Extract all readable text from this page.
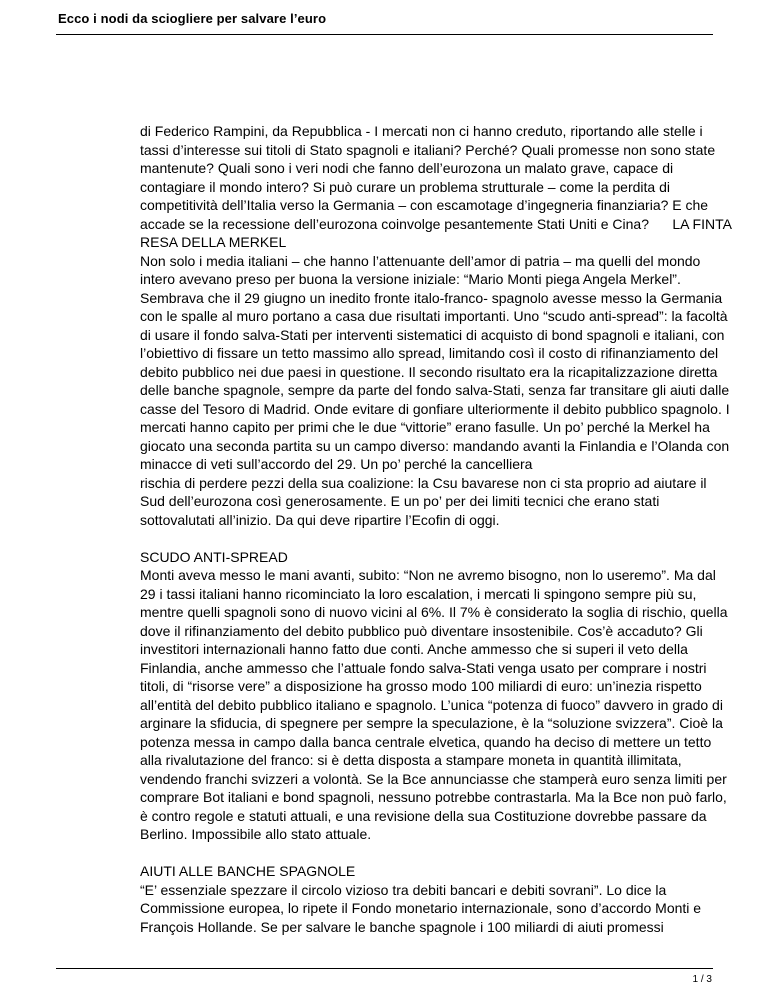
Ecco i nodi da sciogliere per salvare l’euro

di Federico Rampini, da Repubblica - I mercati non ci hanno creduto, riportando alle stelle i

tassi d’interesse sui titoli di Stato spagnoli e italiani? Perché? Quali promesse non sono state

mantenute? Quali sono i veri nodi che fanno dell’eurozona un malato grave, capace di

contagiare il mondo intero? Si può curare un problema strutturale – come la perdita di

competitività dell’Italia verso la Germania – con escamotage d’ingegneria finanziaria? E che

accade se la recessione dell’eurozona coinvolge pesantemente Stati Uniti e Cina?      LA FINTA

RESA DELLA MERKEL

Non solo i media italiani – che hanno l’attenuante dell’amor di patria – ma quelli del mondo

intero avevano preso per buona la versione iniziale: “Mario Monti piega Angela Merkel”.

Sembrava che il 29 giugno un inedito fronte italo-franco- spagnolo avesse messo la Germania

con le spalle al muro portano a casa due risultati importanti. Uno “scudo anti-spread”: la facoltà

di usare il fondo salva-Stati per interventi sistematici di acquisto di bond spagnoli e italiani, con

l’obiettivo di fissare un tetto massimo allo spread, limitando così il costo di rifinanziamento del

debito pubblico nei due paesi in questione. Il secondo risultato era la ricapitalizzazione diretta

delle banche spagnole, sempre da parte del fondo salva-Stati, senza far transitare gli aiuti dalle

casse del Tesoro di Madrid. Onde evitare di gonfiare ulteriormente il debito pubblico spagnolo. I

mercati hanno capito per primi che le due “vittorie” erano fasulle. Un po’ perché la Merkel ha

giocato una seconda partita su un campo diverso: mandando avanti la Finlandia e l’Olanda con

minacce di veti sull’accordo del 29. Un po’ perché la cancelliera

rischia di perdere pezzi della sua coalizione: la Csu bavarese non ci sta proprio ad aiutare il

Sud dell’eurozona così generosamente. E un po’ per dei limiti tecnici che erano stati

sottovalutati all’inizio. Da qui deve ripartire l’Ecofin di oggi.

SCUDO ANTI-SPREAD

Monti aveva messo le mani avanti, subito: “Non ne avremo bisogno, non lo useremo”. Ma dal

29 i tassi italiani hanno ricominciato la loro escalation, i mercati li spingono sempre più su,

mentre quelli spagnoli sono di nuovo vicini al 6%. Il 7% è considerato la soglia di rischio, quella

dove il rifinanziamento del debito pubblico può diventare insostenibile. Cos’è accaduto? Gli

investitori internazionali hanno fatto due conti. Anche ammesso che si superi il veto della

Finlandia, anche ammesso che l’attuale fondo salva-Stati venga usato per comprare i nostri

titoli, di “risorse vere” a disposizione ha grosso modo 100 miliardi di euro: un’inezia rispetto

all’entità del debito pubblico italiano e spagnolo. L’unica “potenza di fuoco” davvero in grado di

arginare la sfiducia, di spegnere per sempre la speculazione, è la “soluzione svizzera”. Cioè la

potenza messa in campo dalla banca centrale elvetica, quando ha deciso di mettere un tetto

alla rivalutazione del franco: si è detta disposta a stampare moneta in quantità illimitata,

vendendo franchi svizzeri a volontà. Se la Bce annunciasse che stamperà euro senza limiti per

comprare Bot italiani e bond spagnoli, nessuno potrebbe contrastarla. Ma la Bce non può farlo,

è contro regole e statuti attuali, e una revisione della sua Costituzione dovrebbe passare da

Berlino. Impossibile allo stato attuale.

AIUTI ALLE BANCHE SPAGNOLE

“E’ essenziale spezzare il circolo vizioso tra debiti bancari e debiti sovrani”. Lo dice la

Commissione europea, lo ripete il Fondo monetario internazionale, sono d’accordo Monti e

François Hollande. Se per salvare le banche spagnole i 100 miliardi di aiuti promessi

1 / 3
